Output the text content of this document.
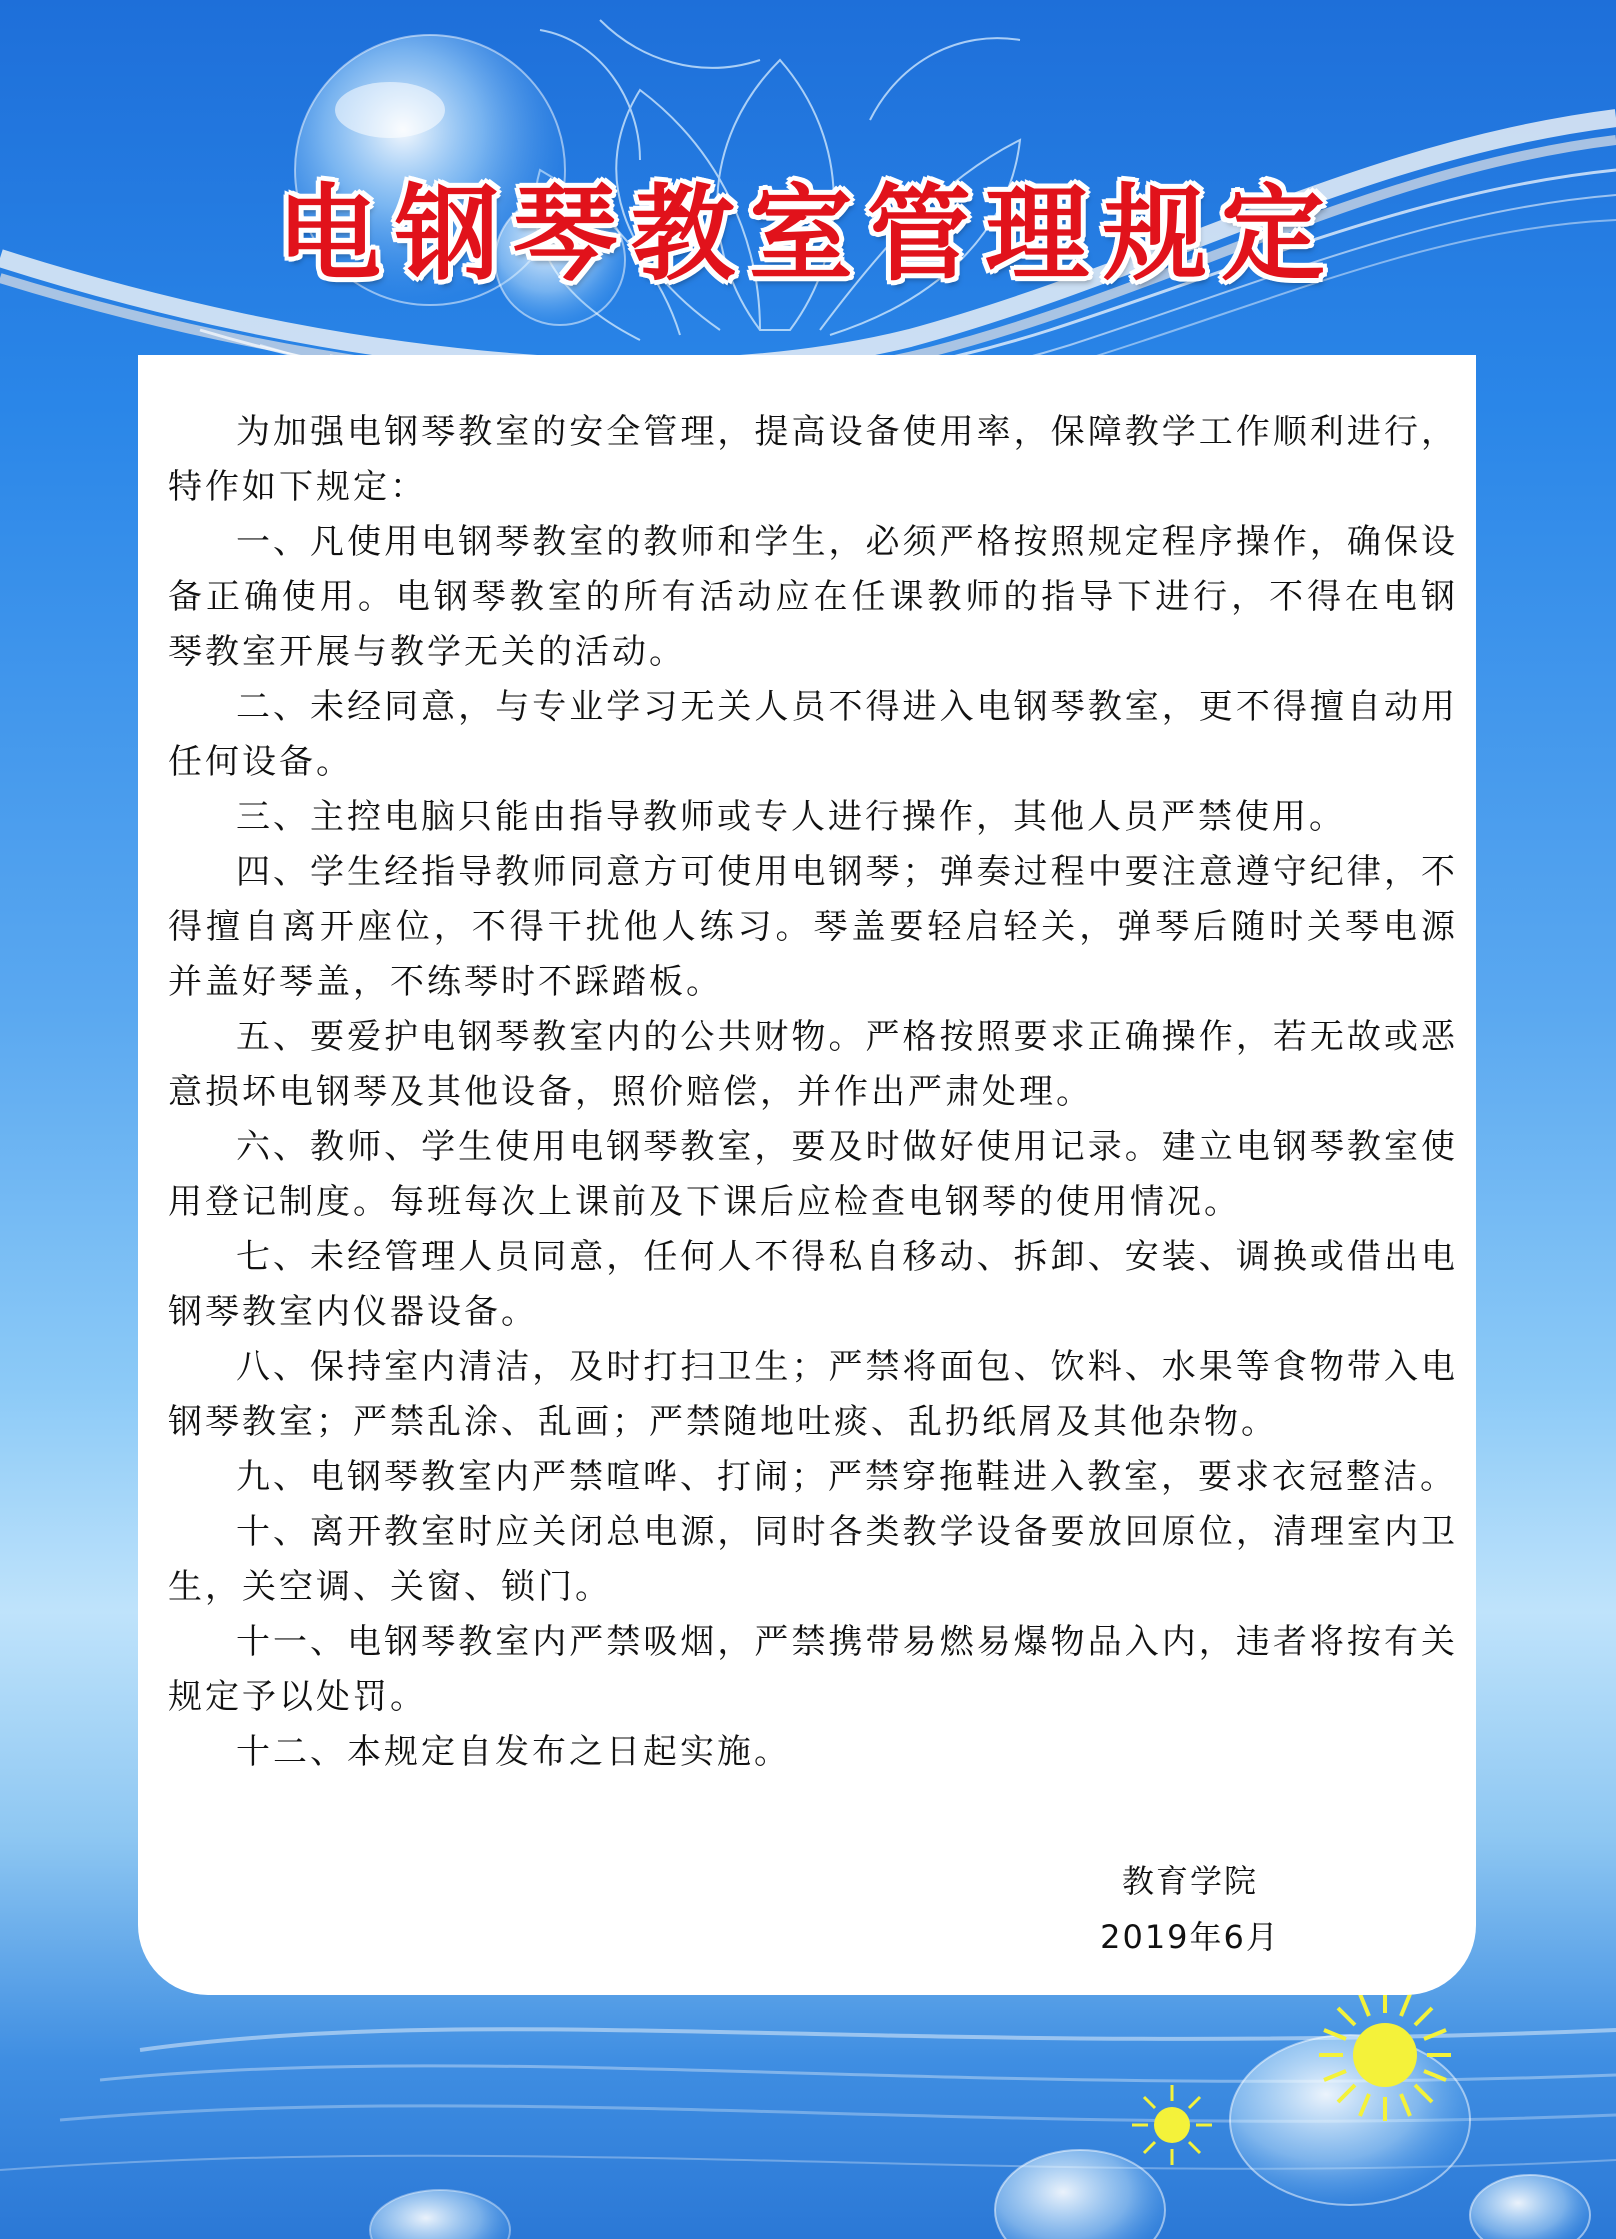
电钢琴教室管理规定

为加强电钢琴教室的安全管理，提高设备使用率，保障教学工作顺利进行，特作如下规定：

一、凡使用电钢琴教室的教师和学生，必须严格按照规定程序操作，确保设备正确使用。电钢琴教室的所有活动应在任课教师的指导下进行，不得在电钢琴教室开展与教学无关的活动。

二、未经同意，与专业学习无关人员不得进入电钢琴教室，更不得擅自动用任何设备。

三、主控电脑只能由指导教师或专人进行操作，其他人员严禁使用。

四、学生经指导教师同意方可使用电钢琴；弹奏过程中要注意遵守纪律，不得擅自离开座位，不得干扰他人练习。琴盖要轻启轻关，弹琴后随时关琴电源并盖好琴盖，不练琴时不踩踏板。

五、要爱护电钢琴教室内的公共财物。严格按照要求正确操作，若无故或恶意损坏电钢琴及其他设备，照价赔偿，并作出严肃处理。

六、教师、学生使用电钢琴教室，要及时做好使用记录。建立电钢琴教室使用登记制度。每班每次上课前及下课后应检查电钢琴的使用情况。

七、未经管理人员同意，任何人不得私自移动、拆卸、安装、调换或借出电钢琴教室内仪器设备。

八、保持室内清洁，及时打扫卫生；严禁将面包、饮料、水果等食物带入电钢琴教室；严禁乱涂、乱画；严禁随地吐痰、乱扔纸屑及其他杂物。

九、电钢琴教室内严禁喧哗、打闹；严禁穿拖鞋进入教室，要求衣冠整洁。

十、离开教室时应关闭总电源，同时各类教学设备要放回原位，清理室内卫生，关空调、关窗、锁门。

十一、电钢琴教室内严禁吸烟，严禁携带易燃易爆物品入内，违者将按有关规定予以处罚。

十二、本规定自发布之日起实施。

教育学院
2019年6月
